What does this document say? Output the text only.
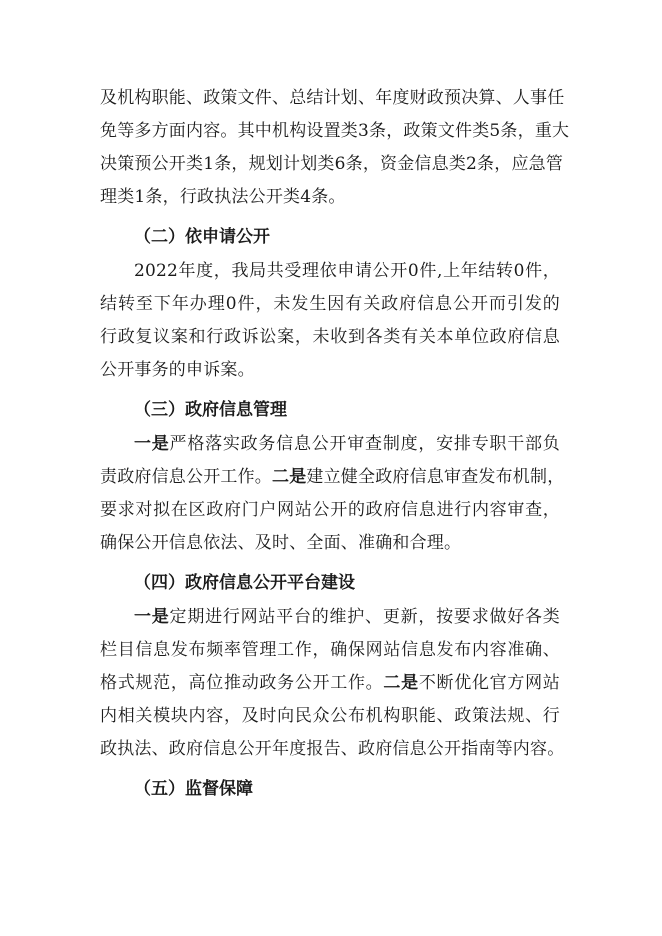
及机构职能、政策文件、总结计划、年度财政预决算、人事任
免等多方面内容。其中机构设置类3条，政策文件类5条，重大
决策预公开类1条，规划计划类6条，资金信息类2条，应急管
理类1条，行政执法公开类4条。
（二）依申请公开
2022年度，我局共受理依申请公开0件,上年结转0件，
结转至下年办理0件，未发生因有关政府信息公开而引发的
行政复议案和行政诉讼案，未收到各类有关本单位政府信息
公开事务的申诉案。
（三）政府信息管理
一是严格落实政务信息公开审查制度，安排专职干部负
责政府信息公开工作。二是建立健全政府信息审查发布机制，
要求对拟在区政府门户网站公开的政府信息进行内容审查，
确保公开信息依法、及时、全面、准确和合理。
（四）政府信息公开平台建设
一是定期进行网站平台的维护、更新，按要求做好各类
栏目信息发布频率管理工作，确保网站信息发布内容准确、
格式规范，高位推动政务公开工作。二是不断优化官方网站
内相关模块内容，及时向民众公布机构职能、政策法规、行
政执法、政府信息公开年度报告、政府信息公开指南等内容。
（五）监督保障
